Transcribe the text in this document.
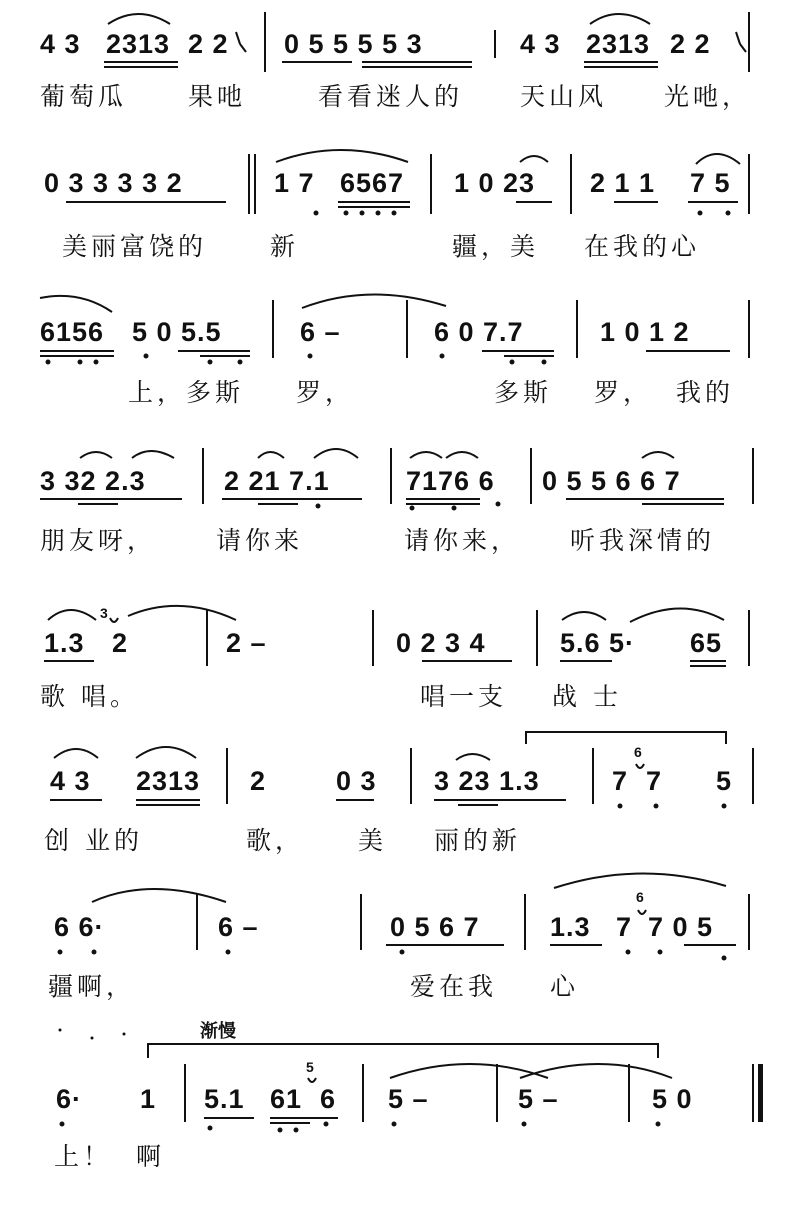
4 3 2313 2 2 0 5 5 5 5 3	4 3 2313 2 2
葡萄瓜 果吔	看看迷人的 天山风 光吔，
0 3 3 3 3 2	1 7 6567 1 0 23 2 1 1 7 5
美丽富饶的	新	疆，美 在我的心
6156 5 0 5.5	6 –	6 0 7.7	1 0 1 2
上，多斯 罗，	多斯 罗， 我的
3 32 2.3	2 21 7.1	7176 6 0 5 5 6 6 7
朋友呀， 请你来	请你来， 听我深情的
1.3
3
2	2 –	0 2 3 4	5.6 5· 65
歌 唱。	唱一支 战 士
4 3 2313 2	0 3 3 23 1.3	7
6
7 5
创 业的	歌， 美 丽的新
6 6·	6 –	0 5 6 7	1.3 7
6
7 0 5
疆啊，	爱在我 心
渐慢
6· 1 5.1 61
5
6 5 –	5 –	5 0
上！ 啊
